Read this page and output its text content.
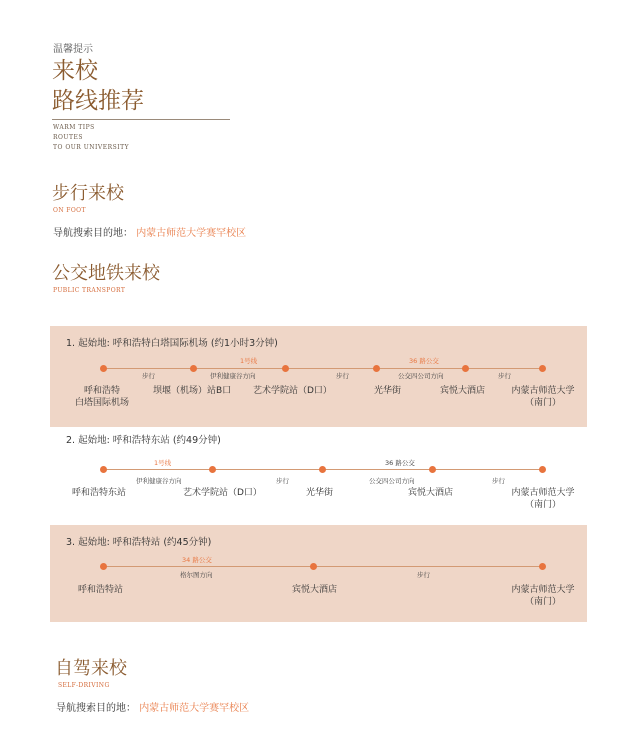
温馨提示
来校
路线推荐
WARM TIPS
ROUTES
TO OUR UNIVERSITY
步行来校
ON FOOT
导航搜索目的地： 内蒙古师范大学赛罕校区
公交地铁来校
PUBLIC TRANSPORT
1. 起始地: 呼和浩特白塔国际机场 (约1小时3分钟)
步行
1号线
伊利健康谷方向	步行
36 路公交
公交四公司方向	步行
呼和浩特
白塔国际机场
坝堰（机场）站B口 艺术学院站（D口）	光华街	宾悦大酒店	内蒙古师范大学
（南门）
2. 起始地: 呼和浩特东站 (约49分钟)
1号线
伊利健康谷方向	步行
36 路公交
公交四公司方向	步行
呼和浩特东站	艺术学院站（D口）	光华街	宾悦大酒店	内蒙古师范大学
（南门）
3. 起始地: 呼和浩特站 (约45分钟)
34 路公交
格尔图方向	步行
呼和浩特站	宾悦大酒店	内蒙古师范大学
（南门）
自驾来校
SELF-DRIVING
导航搜索目的地： 内蒙古师范大学赛罕校区
